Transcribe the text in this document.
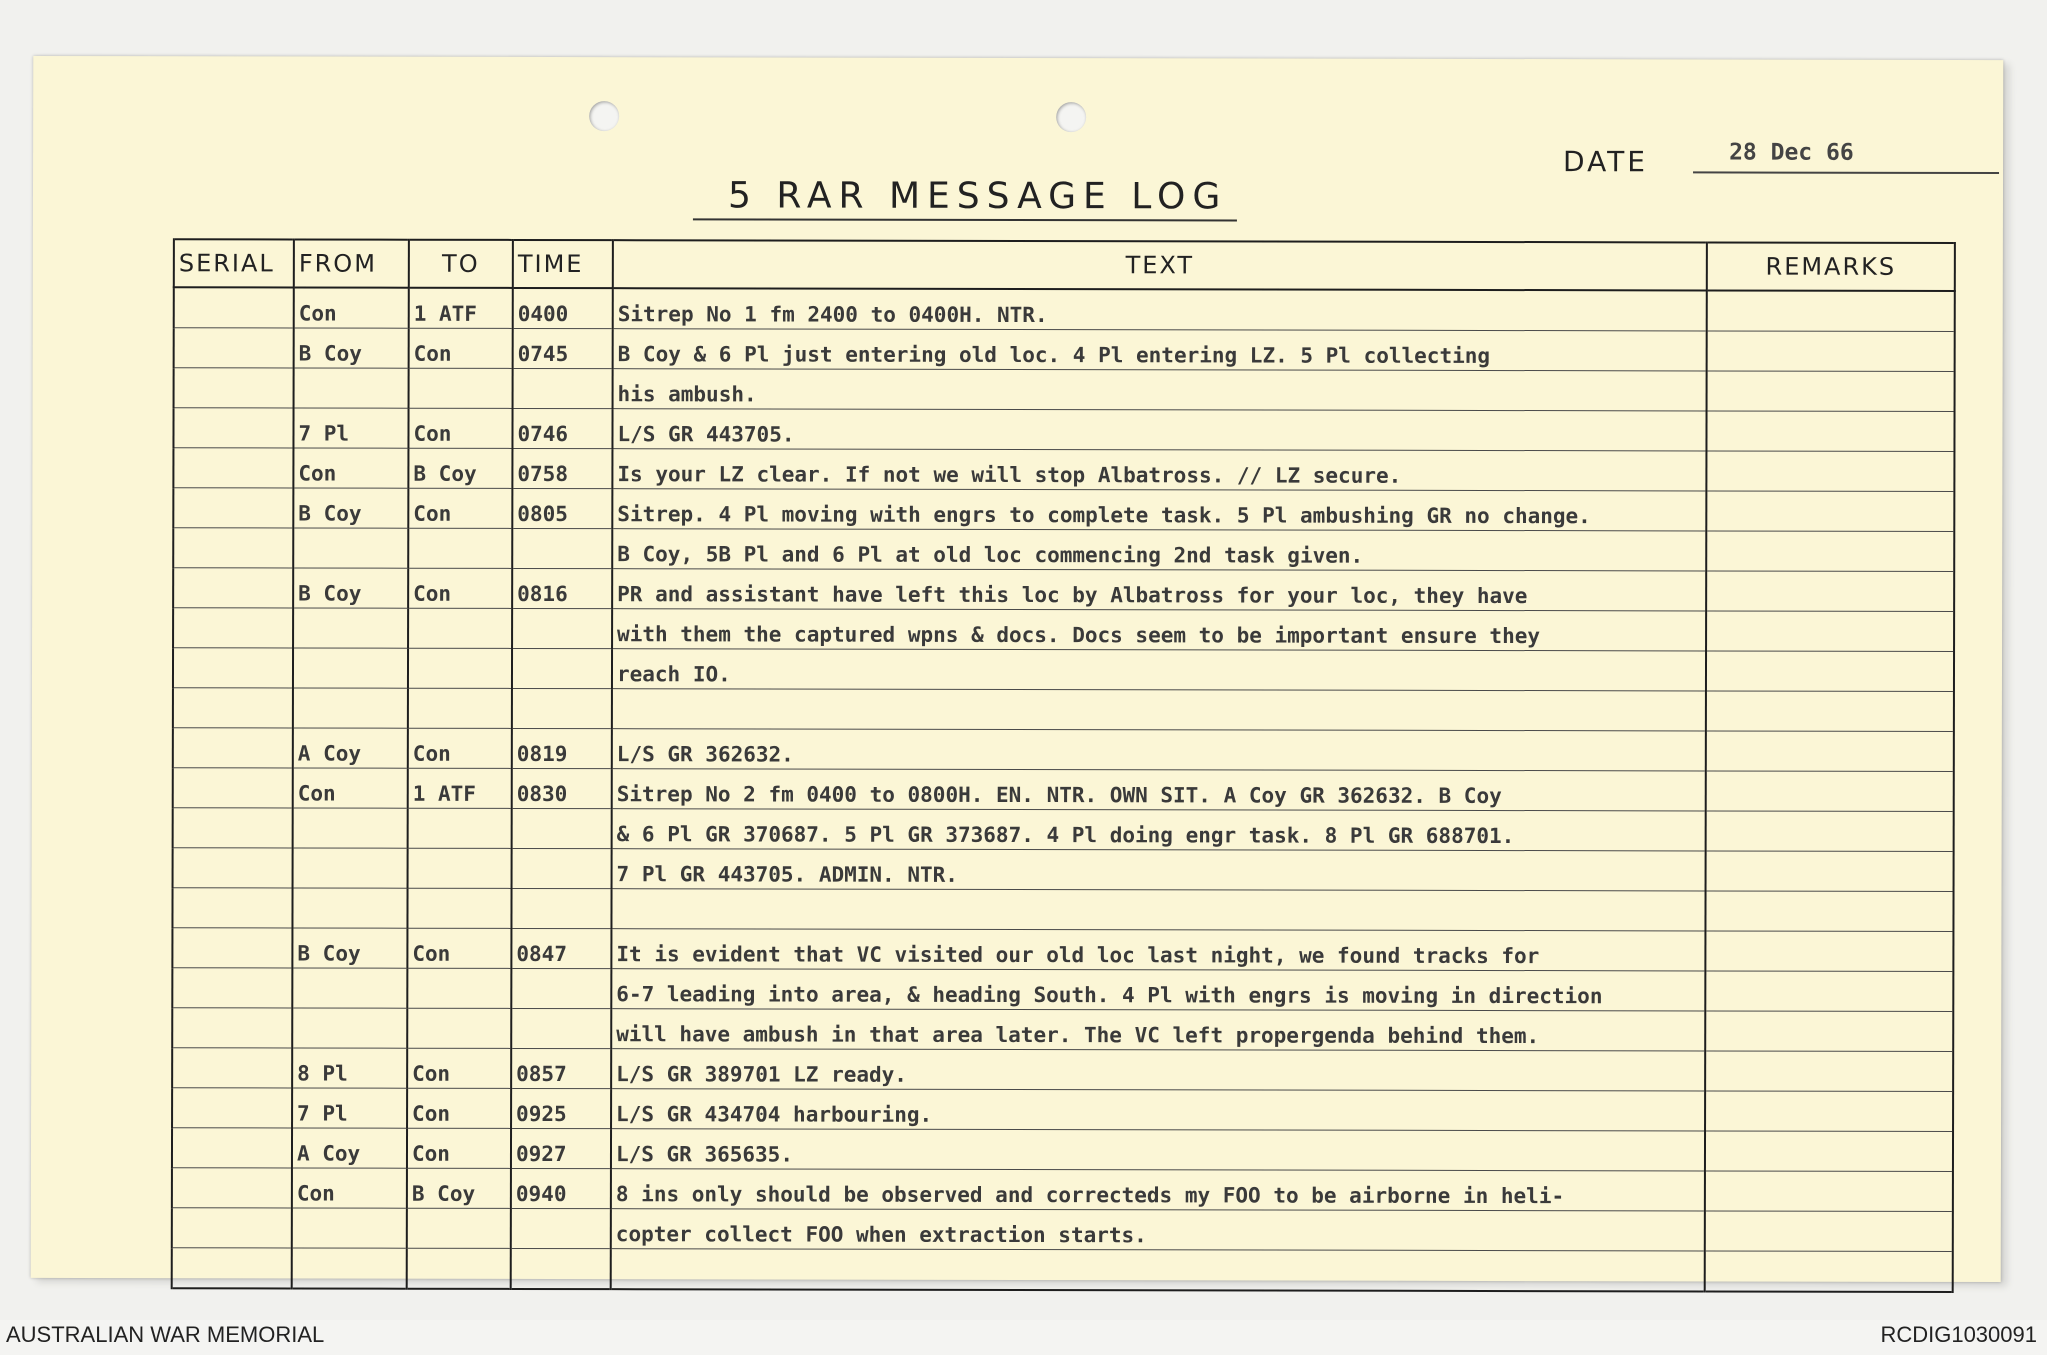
5 RAR MESSAGE LOG
DATE	28 Dec 66
SERIAL	FROM	TO	TIME	TEXT	REMARKS
	Con	1 ATF	0400	Sitrep No 1 fm 2400 to 0400H. NTR.	
	B Coy	Con	0745	B Coy & 6 Pl just entering old loc. 4 Pl entering LZ. 5 Pl collecting	
				his ambush.	
	7 Pl	Con	0746	L/S GR 443705.	
	Con	B Coy	0758	Is your LZ clear. If not we will stop Albatross. // LZ secure.	
	B Coy	Con	0805	Sitrep. 4 Pl moving with engrs to complete task. 5 Pl ambushing GR no change.	
				B Coy, 5B Pl and 6 Pl at old loc commencing 2nd task given.	
	B Coy	Con	0816	PR and assistant have left this loc by Albatross for your loc, they have	
				with them the captured wpns & docs. Docs seem to be important ensure they	
				reach IO.	

	A Coy	Con	0819	L/S GR 362632.	
	Con	1 ATF	0830	Sitrep No 2 fm 0400 to 0800H. EN. NTR. OWN SIT. A Coy GR 362632. B Coy	
				& 6 Pl GR 370687. 5 Pl GR 373687. 4 Pl doing engr task. 8 Pl GR 688701.	
				7 Pl GR 443705. ADMIN. NTR.	

	B Coy	Con	0847	It is evident that VC visited our old loc last night, we found tracks for	
				6-7 leading into area, & heading South. 4 Pl with engrs is moving in direction	
				will have ambush in that area later. The VC left propergenda behind them.	
	8 Pl	Con	0857	L/S GR 389701 LZ ready.	
	7 Pl	Con	0925	L/S GR 434704 harbouring.	
	A Coy	Con	0927	L/S GR 365635.	
	Con	B Coy	0940	8 ins only should be observed and correcteds my FOO to be airborne in heli-	
				copter collect FOO when extraction starts.	

AUSTRALIAN WAR MEMORIAL	RCDIG1030091
